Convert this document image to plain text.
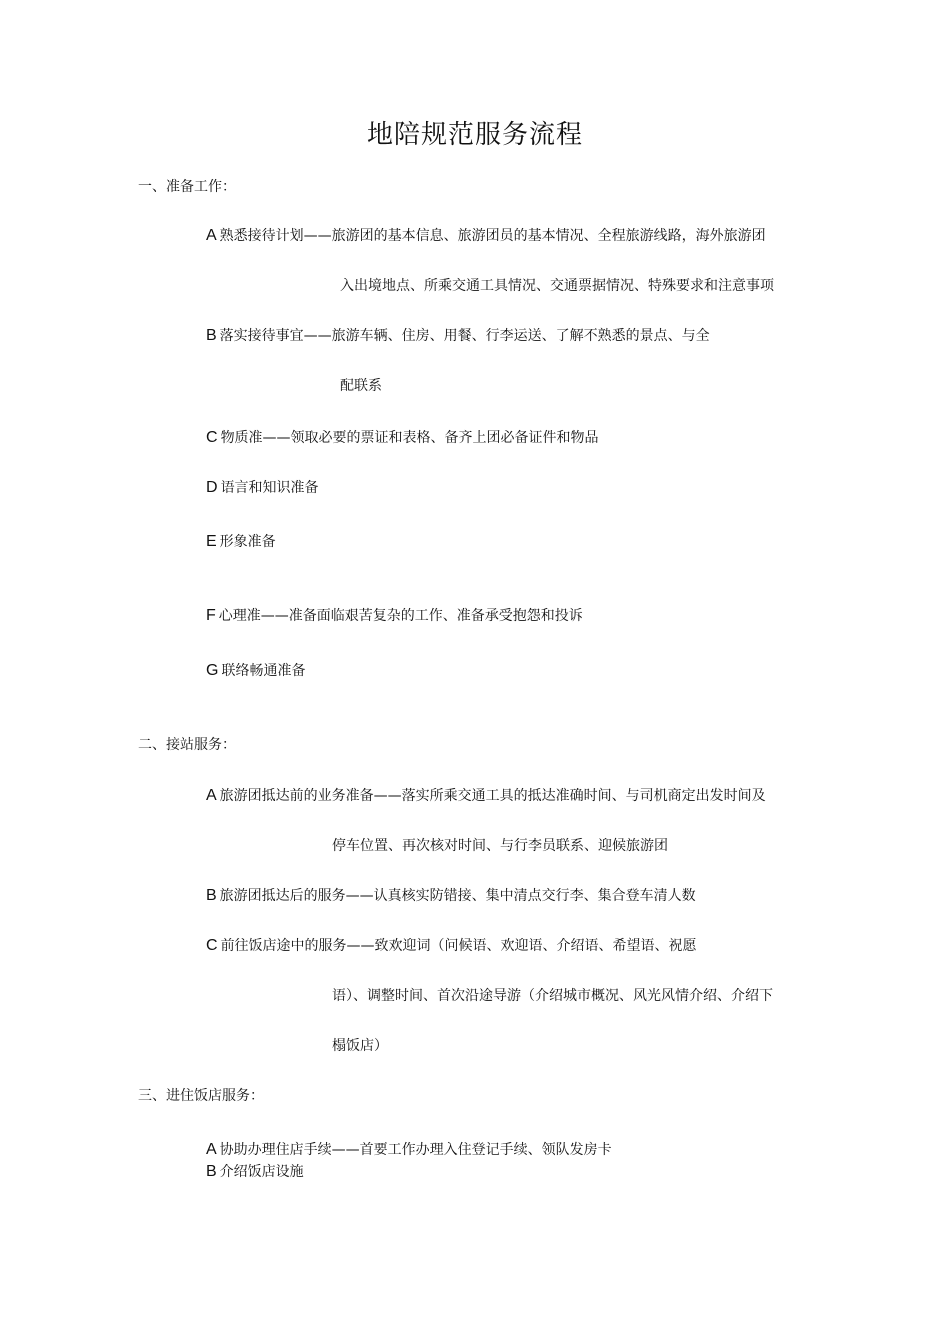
地陪规范服务流程
一、准备工作：
A 熟悉接待计划——旅游团的基本信息、旅游团员的基本情况、全程旅游线路，海外旅游团
入出境地点、所乘交通工具情况、交通票据情况、特殊要求和注意事项
B 落实接待事宜——旅游车辆、住房、用餐、行李运送、了解不熟悉的景点、与全
配联系
C 物质准——领取必要的票证和表格、备齐上团必备证件和物品
D 语言和知识准备
E 形象准备
F 心理准——准备面临艰苦复杂的工作、准备承受抱怨和投诉
G 联络畅通准备
二、接站服务：
A 旅游团抵达前的业务准备——落实所乘交通工具的抵达准确时间、与司机商定出发时间及
停车位置、再次核对时间、与行李员联系、迎候旅游团
B 旅游团抵达后的服务——认真核实防错接、集中清点交行李、集合登车清人数
C 前往饭店途中的服务——致欢迎词（问候语、欢迎语、介绍语、希望语、祝愿
语）、调整时间、首次沿途导游（介绍城市概况、风光风情介绍、介绍下
榻饭店）
三、进住饭店服务：
A 协助办理住店手续——首要工作办理入住登记手续、领队发房卡
B 介绍饭店设施
